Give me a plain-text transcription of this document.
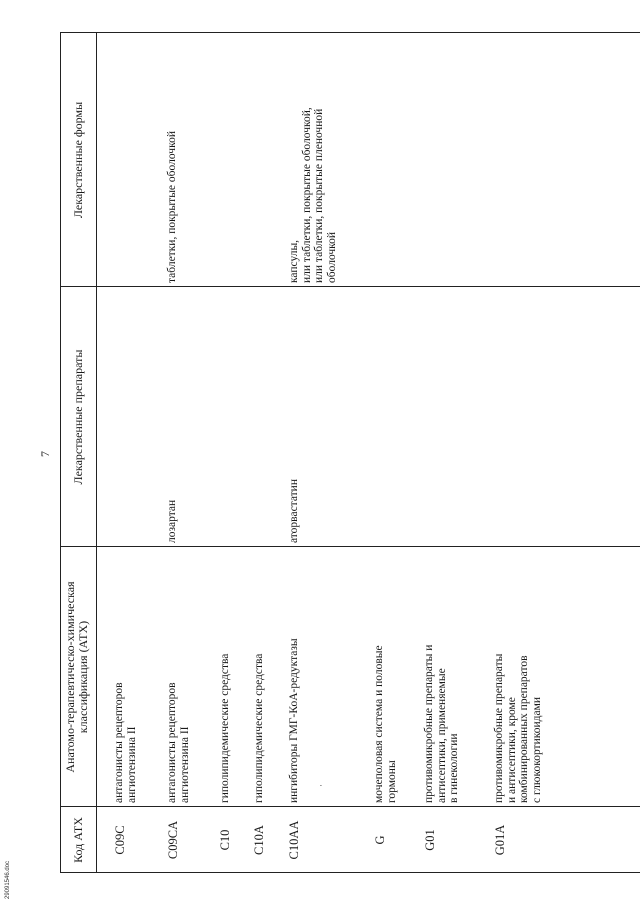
7
29091546.doc
Код АТХ
Анатомо-терапевтическо-химическая
классификация (АТХ)
Лекарственные препараты
Лекарственные формы
C09C
антагонисты рецепторов
ангиотензина II
C09CA
антагонисты рецепторов
ангиотензина II
лозартан
таблетки, покрытые оболочкой
C10
гиполипидемические средства
C10A
гиполипидемические средства
C10AA
ингибиторы ГМГ-КоА-редуктазы
аторвастатин
капсулы,
или таблетки, покрытые оболочкой,
или таблетки, покрытые пленочной
оболочкой
·
G
мочеполовая система и половые
гормоны
G01
противомикробные препараты и
антисептики, применяемые
в гинекологии
G01A
противомикробные препараты
и антисептики, кроме
комбинированных препаратов
с глюкокортикоидами
